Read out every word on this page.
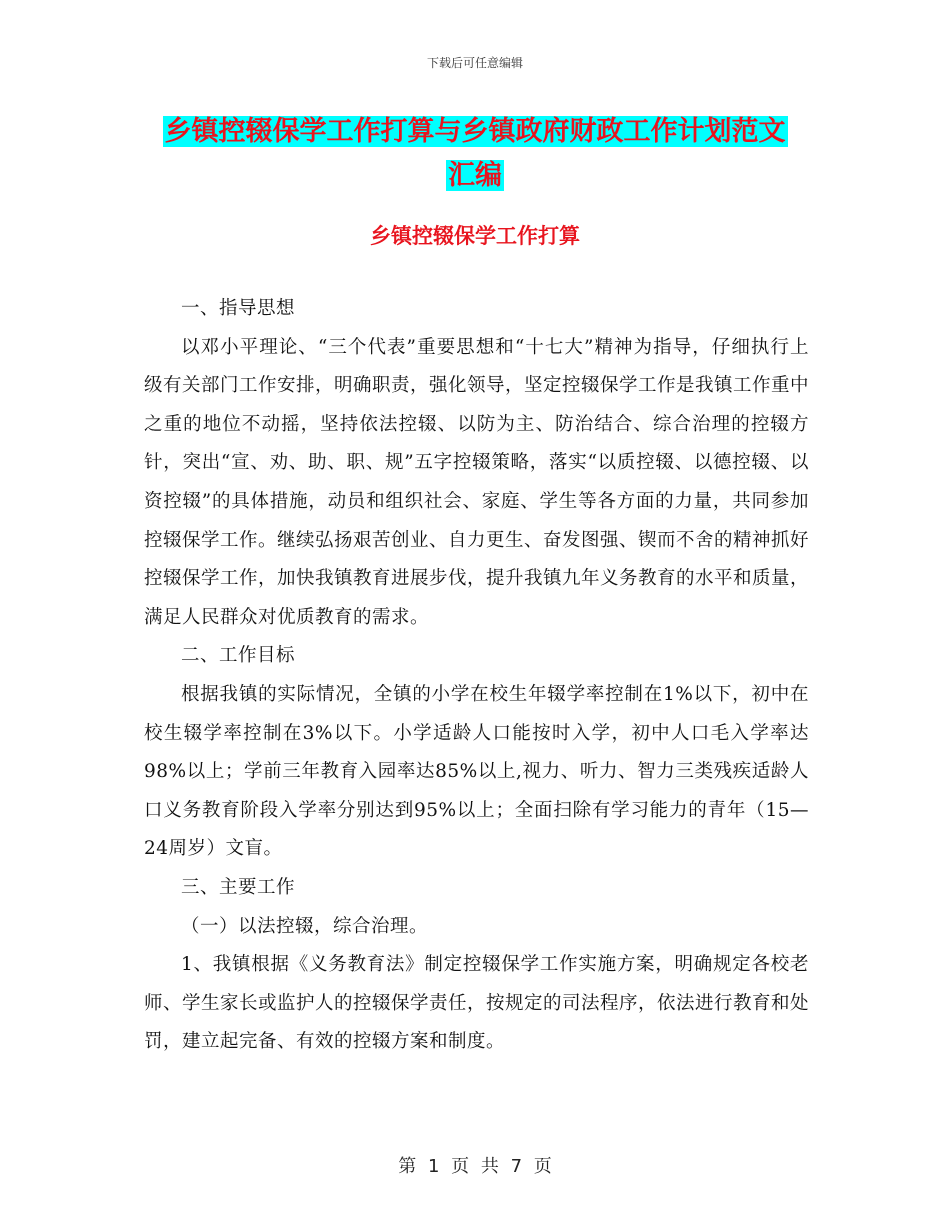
下载后可任意编辑
乡镇控辍保学工作打算与乡镇政府财政工作计划范文
汇编
乡镇控辍保学工作打算

一、指导思想

以邓小平理论、“三个代表”重要思想和“十七大”精神为指导，仔细执行上级有关部门工作安排，明确职责，强化领导，坚定控辍保学工作是我镇工作重中之重的地位不动摇，坚持依法控辍、以防为主、防治结合、综合治理的控辍方针，突出“宣、劝、助、职、规”五字控辍策略，落实“以质控辍、以德控辍、以资控辍”的具体措施，动员和组织社会、家庭、学生等各方面的力量，共同参加控辍保学工作。继续弘扬艰苦创业、自力更生、奋发图强、锲而不舍的精神抓好控辍保学工作，加快我镇教育进展步伐，提升我镇九年义务教育的水平和质量，满足人民群众对优质教育的需求。

二、工作目标

根据我镇的实际情况，全镇的小学在校生年辍学率控制在1%以下，初中在校生辍学率控制在3%以下。小学适龄人口能按时入学，初中人口毛入学率达98%以上；学前三年教育入园率达85%以上,视力、听力、智力三类残疾适龄人口义务教育阶段入学率分别达到95%以上；全面扫除有学习能力的青年（15—24周岁）文盲。

三、主要工作

（一）以法控辍，综合治理。

1、我镇根据《义务教育法》制定控辍保学工作实施方案，明确规定各校老师、学生家长或监护人的控辍保学责任，按规定的司法程序，依法进行教育和处罚，建立起完备、有效的控辍方案和制度。

第 1 页 共 7 页
